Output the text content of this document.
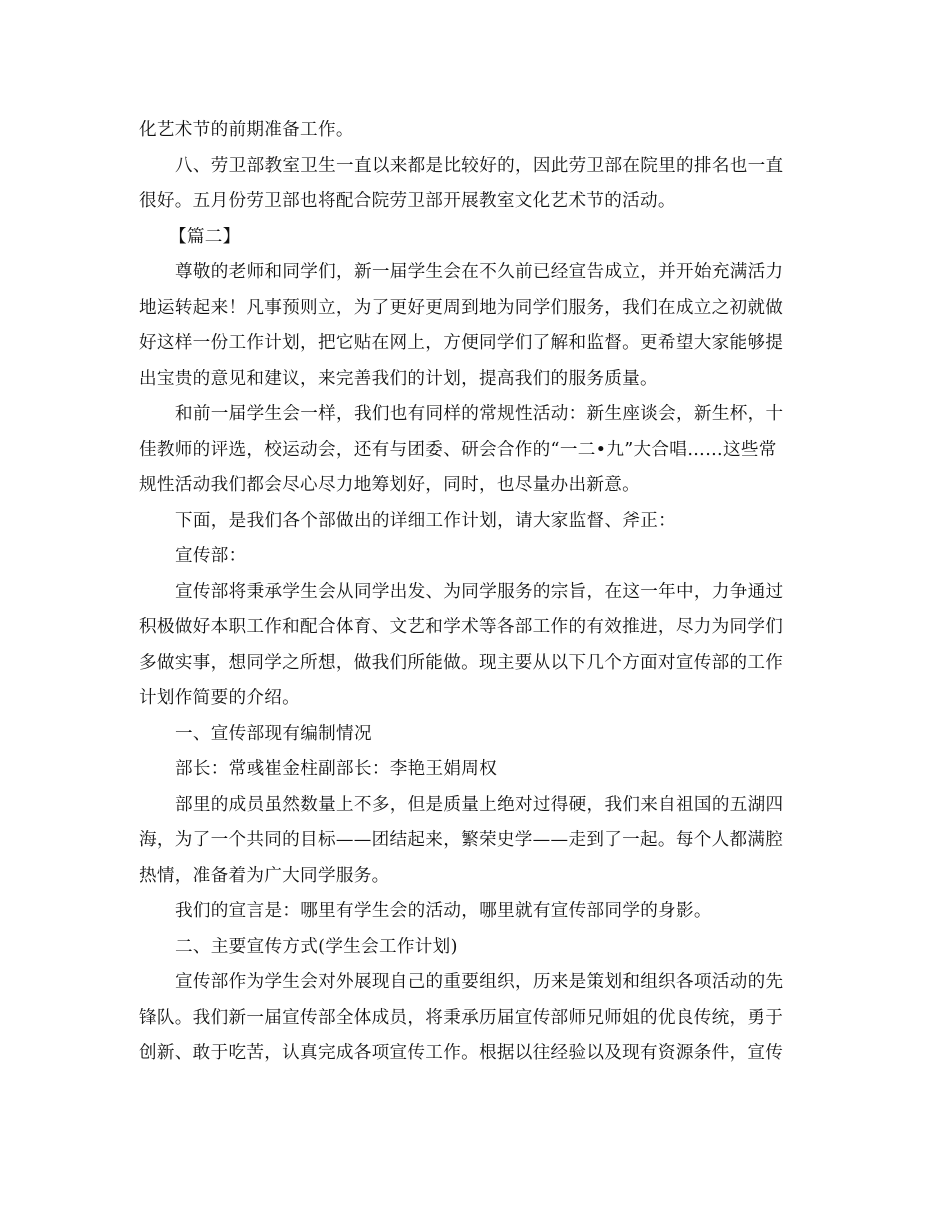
化艺术节的前期准备工作。
八、劳卫部教室卫生一直以来都是比较好的，因此劳卫部在院里的排名也一直
很好。五月份劳卫部也将配合院劳卫部开展教室文化艺术节的活动。
【篇二】
尊敬的老师和同学们，新一届学生会在不久前已经宣告成立，并开始充满活力
地运转起来！凡事预则立，为了更好更周到地为同学们服务，我们在成立之初就做
好这样一份工作计划，把它贴在网上，方便同学们了解和监督。更希望大家能够提
出宝贵的意见和建议，来完善我们的计划，提高我们的服务质量。
和前一届学生会一样，我们也有同样的常规性活动：新生座谈会，新生杯，十
佳教师的评选，校运动会，还有与团委、研会合作的“一二•九”大合唱……这些常
规性活动我们都会尽心尽力地筹划好，同时，也尽量办出新意。
下面，是我们各个部做出的详细工作计划，请大家监督、斧正：
宣传部：
宣传部将秉承学生会从同学出发、为同学服务的宗旨，在这一年中，力争通过
积极做好本职工作和配合体育、文艺和学术等各部工作的有效推进，尽力为同学们
多做实事，想同学之所想，做我们所能做。现主要从以下几个方面对宣传部的工作
计划作简要的介绍。
一、宣传部现有编制情况
部长：常彧崔金柱副部长：李艳王娟周权
部里的成员虽然数量上不多，但是质量上绝对过得硬，我们来自祖国的五湖四
海，为了一个共同的目标——团结起来，繁荣史学——走到了一起。每个人都满腔
热情，准备着为广大同学服务。
我们的宣言是：哪里有学生会的活动，哪里就有宣传部同学的身影。
二、主要宣传方式(学生会工作计划)
宣传部作为学生会对外展现自己的重要组织，历来是策划和组织各项活动的先
锋队。我们新一届宣传部全体成员，将秉承历届宣传部师兄师姐的优良传统，勇于
创新、敢于吃苦，认真完成各项宣传工作。根据以往经验以及现有资源条件，宣传
